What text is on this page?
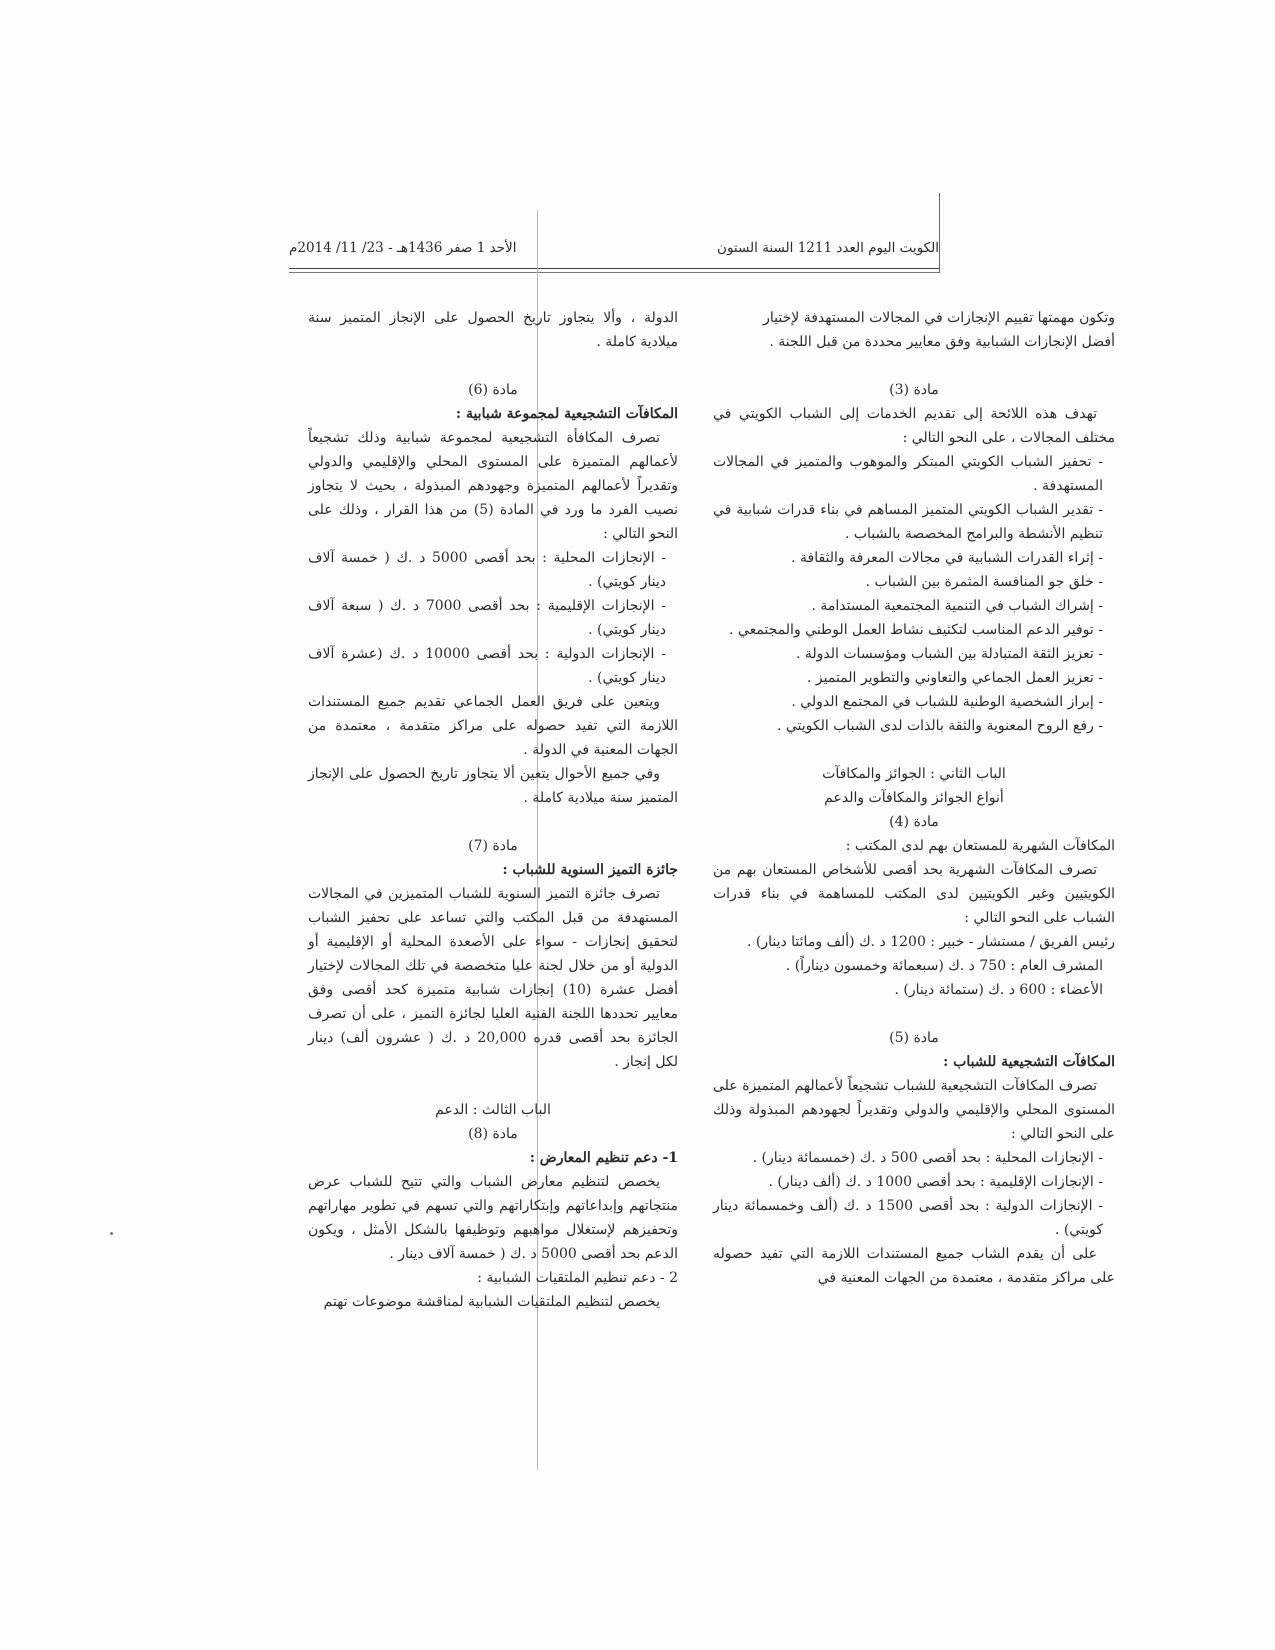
الكويت اليوم العدد 1211 السنة الستون
الأحد 1 صفر 1436هـ - 23/ 11/ 2014م

وتكون مهمتها تقييم الإنجازات في المجالات المستهدفة لإختيار

أفضل الإنجازات الشبابية وفق معايير محددة من قبل اللجنة .

مادة (3)

تهدف هذه اللائحة إلى تقديم الخدمات إلى الشباب الكويتي في مختلف المجالات ، على النحو التالي :

- تحفيز الشباب الكويتي المبتكر والموهوب والمتميز في المجالات المستهدفة .

- تقدير الشباب الكويتي المتميز المساهم في بناء قدرات شبابية في تنظيم الأنشطة والبرامج المخصصة بالشباب .

- إثراء القدرات الشبابية في مجالات المعرفة والثقافة .

- خلق جو المنافسة المثمرة بين الشباب .

- إشراك الشباب في التنمية المجتمعية المستدامة .

- توفير الدعم المناسب لتكثيف نشاط العمل الوطني والمجتمعي .

- تعزيز الثقة المتبادلة بين الشباب ومؤسسات الدولة .

- تعزيز العمل الجماعي والتعاوني والتطوير المتميز .

- إبراز الشخصية الوطنية للشباب في المجتمع الدولي .

- رفع الروح المعنوية والثقة بالذات لدى الشباب الكويتي .

الباب الثاني : الجوائز والمكافآت

أنواع الجوائز والمكافآت والدعم

مادة (4)

المكافآت الشهرية للمستعان بهم لدى المكتب :

تصرف المكافآت الشهرية بحد أقصى للأشخاص المستعان بهم من الكويتيين وغير الكويتيين لدى المكتب للمساهمة في بناء قدرات الشباب على النحو التالي :

رئيس الفريق / مستشار - خبير : 1200 د .ك (ألف ومائتا دينار) .

المشرف العام : 750 د .ك (سبعمائة وخمسون ديناراً) .

الأعضاء : 600 د .ك (ستمائة دينار) .

مادة (5)

المكافآت التشجيعية للشباب :

تصرف المكافآت التشجيعية للشباب تشجيعاً لأعمالهم المتميزة على المستوى المحلي والإقليمي والدولي وتقديراً لجهودهم المبذولة وذلك على النحو التالي :

- الإنجازات المحلية : بحد أقصى 500 د .ك (خمسمائة دينار) .

- الإنجازات الإقليمية : بحد أقصى 1000 د .ك (ألف دينار) .

- الإنجازات الدولية : بحد أقصى 1500 د .ك (ألف وخمسمائة دينار كويتي) .

على أن يقدم الشاب جميع المستندات اللازمة التي تفيد حصوله على مراكز متقدمة ، معتمدة من الجهات المعنية في

الدولة ، وألا يتجاوز تاريخ الحصول على الإنجاز المتميز سنة ميلادية كاملة .

مادة (6)

المكافآت التشجيعية لمجموعة شبابية :

تصرف المكافأة التشجيعية لمجموعة شبابية وذلك تشجيعاً لأعمالهم المتميزة على المستوى المحلي والإقليمي والدولي وتقديراً لأعمالهم المتميزة وجهودهم المبذولة ، بحيث لا يتجاوز نصيب الفرد ما ورد في المادة (5) من هذا القرار ، وذلك على النحو التالي :

- الإنجازات المحلية : بحد أقصى 5000 د .ك ( خمسة آلاف دينار كويتي) .

- الإنجازات الإقليمية : بحد أقصى 7000 د .ك ( سبعة آلاف دينار كويتي) .

- الإنجازات الدولية : بحد أقصى 10000 د .ك (عشرة آلاف دينار كويتي) .

ويتعين على فريق العمل الجماعي تقديم جميع المستندات اللازمة التي تفيد حصوله على مراكز متقدمة ، معتمدة من الجهات المعنية في الدولة .

وفي جميع الأحوال يتعين ألا يتجاوز تاريخ الحصول على الإنجاز المتميز سنة ميلادية كاملة .

مادة (7)

جائزة التميز السنوية للشباب :

تصرف جائزة التميز السنوية للشباب المتميزين في المجالات المستهدفة من قبل المكتب والتي تساعد على تحفيز الشباب لتحقيق إنجازات - سواء على الأصعدة المحلية أو الإقليمية أو الدولية أو من خلال لجنة عليا متخصصة في تلك المجالات لإختيار أفضل عشرة (10) إنجازات شبابية متميزة كحد أقصى وفق معايير تحددها اللجنة الفنية العليا لجائزة التميز ، على أن تصرف الجائزة بحد أقصى قدره 20,000 د .ك ( عشرون ألف) دينار لكل إنجاز .

الباب الثالث : الدعم

مادة (8)

1- دعم تنظيم المعارض :

يخصص لتنظيم معارض الشباب والتي تتيح للشباب عرض منتجاتهم وإبداعاتهم وإبتكاراتهم والتي تسهم في تطوير مهاراتهم وتحفيزهم لإستغلال مواهبهم وتوظيفها بالشكل الأمثل ، ويكون الدعم بحد أقصى 5000 د .ك ( خمسة آلاف دينار .

2 - دعم تنظيم الملتقيات الشبابية :

يخصص لتنظيم الملتقيات الشبابية لمناقشة موضوعات تهتم
